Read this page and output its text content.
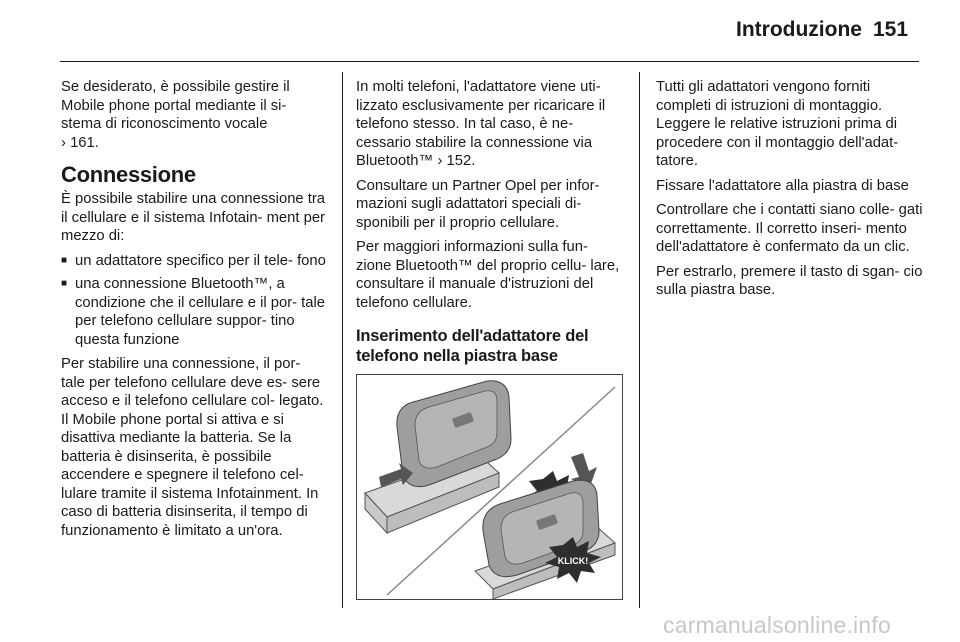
Introduzione 151

Se desiderato, è possibile gestire il Mobile phone portal mediante il si- stema di riconoscimento vocale
› 161.

Connessione

È possibile stabilire una connessione tra il cellulare e il sistema Infotain- ment per mezzo di:

■ un adattatore specifico per il tele- fono
■ una connessione Bluetooth™, a condizione che il cellulare e il por- tale per telefono cellulare suppor- tino questa funzione

Per stabilire una connessione, il por- tale per telefono cellulare deve es- sere acceso e il telefono cellulare col- legato. Il Mobile phone portal si attiva e si disattiva mediante la batteria. Se la batteria è disinserita, è possibile accendere e spegnere il telefono cel- lulare tramite il sistema Infotainment. In caso di batteria disinserita, il tempo di funzionamento è limitato a un'ora.

In molti telefoni, l'adattatore viene uti- lizzato esclusivamente per ricaricare il telefono stesso. In tal caso, è ne- cessario stabilire la connessione via Bluetooth™ › 152.

Consultare un Partner Opel per infor- mazioni sugli adattatori speciali di- sponibili per il proprio cellulare.

Per maggiori informazioni sulla fun- zione Bluetooth™ del proprio cellu- lare, consultare il manuale d'istruzioni del telefono cellulare.

Inserimento dell'adattatore del telefono nella piastra base
KLICK!

Tutti gli adattatori vengono forniti completi di istruzioni di montaggio. Leggere le relative istruzioni prima di procedere con il montaggio dell'adat- tatore.

Fissare l'adattatore alla piastra di base

Controllare che i contatti siano colle- gati correttamente. Il corretto inseri- mento dell'adattatore è confermato da un clic.

Per estrarlo, premere il tasto di sgan- cio sulla piastra base.

carmanualsonline.info
